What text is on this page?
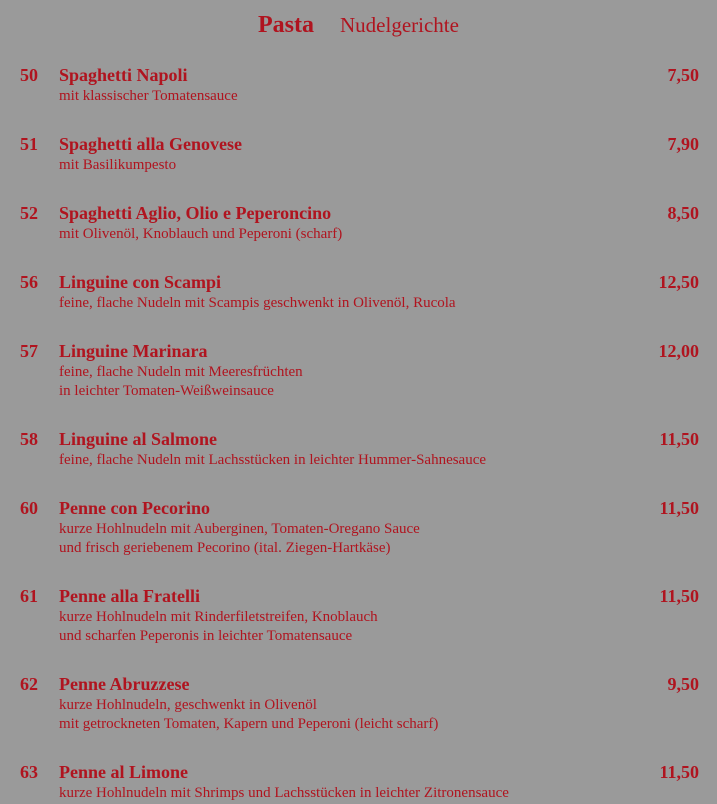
Pasta Nudelgerichte
50 Spaghetti Napoli	7,50
mit klassischer Tomatensauce
51 Spaghetti alla Genovese	7,90
mit Basilikumpesto
52 Spaghetti Aglio, Olio e Peperoncino	8,50
mit Olivenöl, Knoblauch und Peperoni (scharf)
56 Linguine con Scampi	12,50
feine, flache Nudeln mit Scampis geschwenkt in Olivenöl, Rucola
57 Linguine Marinara	12,00
feine, flache Nudeln mit Meeresfrüchten
in leichter Tomaten-Weißweinsauce
58 Linguine al Salmone	11,50
feine, flache Nudeln mit Lachsstücken in leichter Hummer-Sahnesauce
60 Penne con Pecorino	11,50
kurze Hohlnudeln mit Auberginen, Tomaten-Oregano Sauce
und frisch geriebenem Pecorino (ital. Ziegen-Hartkäse)
61 Penne alla Fratelli	11,50
kurze Hohlnudeln mit Rinderfiletstreifen, Knoblauch
und scharfen Peperonis in leichter Tomatensauce
62 Penne Abruzzese	9,50
kurze Hohlnudeln, geschwenkt in Olivenöl
mit getrockneten Tomaten, Kapern und Peperoni (leicht scharf)
63 Penne al Limone	11,50
kurze Hohlnudeln mit Shrimps und Lachsstücken in leichter Zitronensauce
